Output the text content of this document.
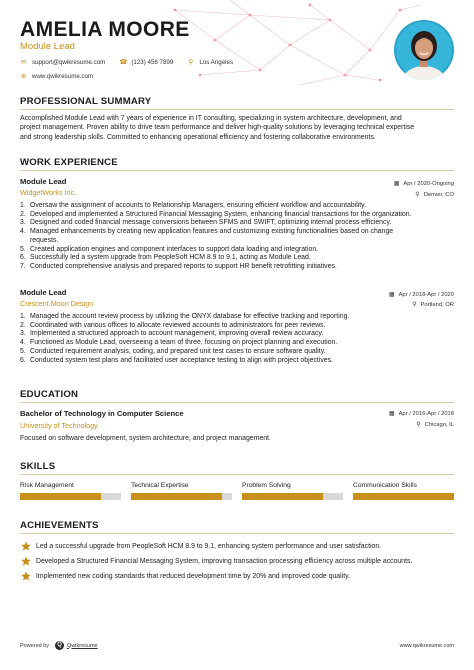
AMELIA MOORE
Module Lead
✉ support@qwikresume.com ☎ (123) 456 7899 ⚲ Los Angeles
⊕ www.qwikresume.com
PROFESSIONAL SUMMARY
Accomplished Module Lead with 7 years of experience in IT consulting, specializing in system architecture, development, and
project management. Proven ability to drive team performance and deliver high-quality solutions by leveraging technical expertise
and strong leadership skills. Committed to enhancing operational efficiency and fostering collaborative environments.
WORK EXPERIENCE
Module Lead
WidgetWorks Inc.
▦ Apr / 2020-Ongoing
⚲ Denver, CO
1. Oversaw the assignment of accounts to Relationship Managers, ensuring efficient workflow and accountability.
2. Developed and implemented a Structured Financial Messaging System, enhancing financial transactions for the organization.
3. Designed and coded financial message conversions between SFMS and SWIFT, optimizing internal process efficiency.
4. Managed enhancements by creating new application features and customizing existing functionalities based on change
requests.
5. Created application engines and component interfaces to support data loading and integration.
6. Successfully led a system upgrade from PeopleSoft HCM 8.9 to 9.1, acting as Module Lead.
7. Conducted comprehensive analysis and prepared reports to support HR benefit retrofitting initiatives.
Module Lead
Crescent Moon Design
▦ Apr / 2018-Apr / 2020
⚲ Portland, OR
1. Managed the account review process by utilizing the ONYX database for effective tracking and reporting.
2. Coordinated with various offices to allocate reviewed accounts to administrators for peer reviews.
3. Implemented a structured approach to account management, improving overall review accuracy.
4. Functioned as Module Lead, overseeing a team of three, focusing on project planning and execution.
5. Conducted requirement analysis, coding, and prepared unit test cases to ensure software quality.
6. Conducted system test plans and facilitated user acceptance testing to align with project objectives.
EDUCATION
Bachelor of Technology in Computer Science
University of Technology
▦ Apr / 2016-Apr / 2018
⚲ Chicago, IL
Focused on software development, system architecture, and project management.
SKILLS
Risk Management	Technical Expertise	Problem Solving	Communication Skills
ACHIEVEMENTS
Led a successful upgrade from PeopleSoft HCM 8.9 to 9.1, enhancing system performance and user satisfaction.
Developed a Structured Financial Messaging System, improving transaction processing efficiency across multiple accounts.
Implemented new coding standards that reduced development time by 20% and improved code quality.
Powered by	Q Qwikresume	www.qwikresume.com
